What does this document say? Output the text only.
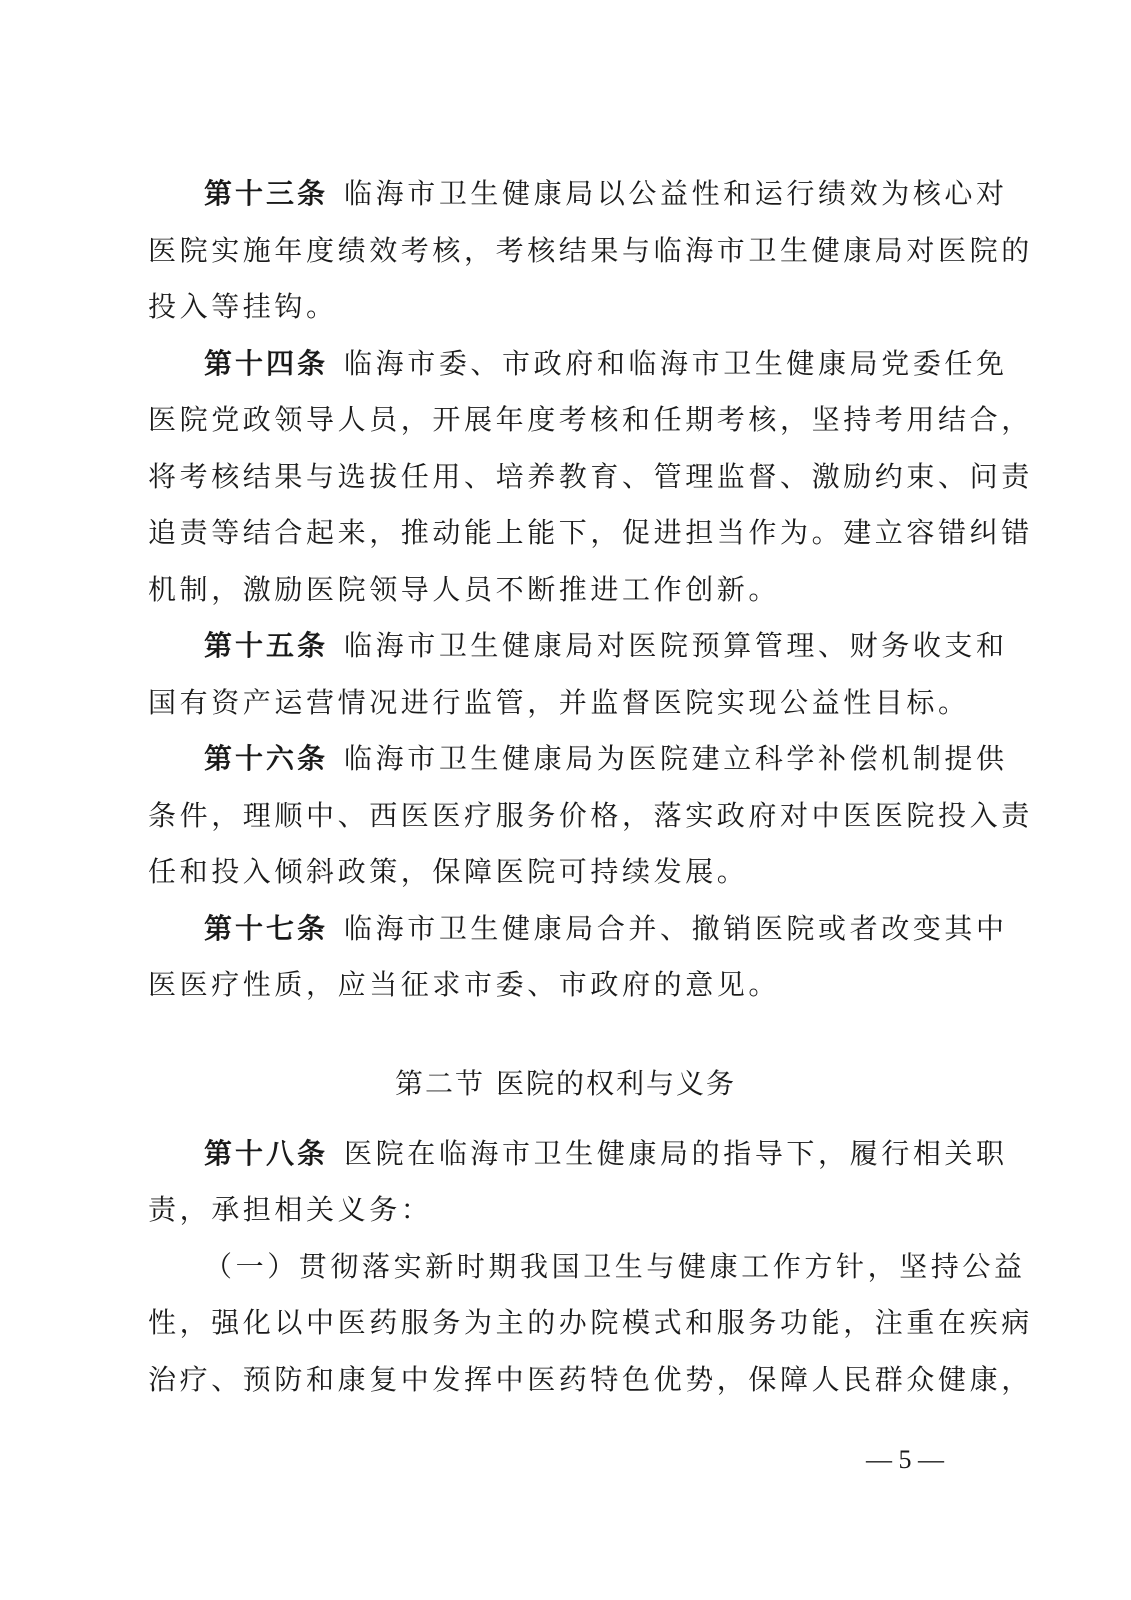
第十三条 临海市卫生健康局以公益性和运行绩效为核心对
医院实施年度绩效考核，考核结果与临海市卫生健康局对医院的
投入等挂钩。
第十四条 临海市委、市政府和临海市卫生健康局党委任免
医院党政领导人员，开展年度考核和任期考核，坚持考用结合，
将考核结果与选拔任用、培养教育、管理监督、激励约束、问责
追责等结合起来，推动能上能下，促进担当作为。建立容错纠错
机制，激励医院领导人员不断推进工作创新。
第十五条 临海市卫生健康局对医院预算管理、财务收支和
国有资产运营情况进行监管，并监督医院实现公益性目标。
第十六条 临海市卫生健康局为医院建立科学补偿机制提供
条件，理顺中、西医医疗服务价格，落实政府对中医医院投入责
任和投入倾斜政策，保障医院可持续发展。
第十七条 临海市卫生健康局合并、撤销医院或者改变其中
医医疗性质，应当征求市委、市政府的意见。
第二节 医院的权利与义务
第十八条 医院在临海市卫生健康局的指导下，履行相关职
责，承担相关义务：
（一）贯彻落实新时期我国卫生与健康工作方针，坚持公益
性，强化以中医药服务为主的办院模式和服务功能，注重在疾病
治疗、预防和康复中发挥中医药特色优势，保障人民群众健康，
— 5 —
